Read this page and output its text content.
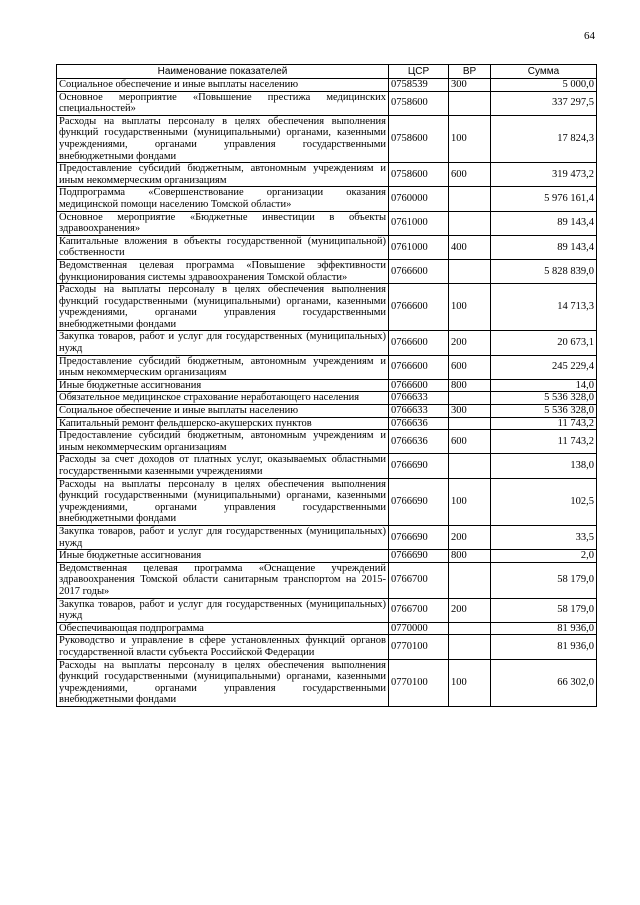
64
Наименование показателей	ЦСР	ВР	Сумма
Социальное обеспечение и иные выплаты населению	0758539	300	5 000,0
Основное мероприятие «Повышение престижа медицинских специальностей»	0758600		337 297,5
Расходы на выплаты персоналу в целях обеспечения выполнения функций государственными (муниципальными) органами, казенными учреждениями, органами управления государственными внебюджетными фондами	0758600	100	17 824,3
Предоставление субсидий бюджетным, автономным учреждениям и иным некоммерческим организациям	0758600	600	319 473,2
Подпрограмма «Совершенствование организации оказания медицинской помощи населению Томской области»	0760000		5 976 161,4
Основное мероприятие «Бюджетные инвестиции в объекты здравоохранения»	0761000		89 143,4
Капитальные вложения в объекты государственной (муниципальной) собственности	0761000	400	89 143,4
Ведомственная целевая программа «Повышение эффективности функционирования системы здравоохранения Томской области»	0766600		5 828 839,0
Расходы на выплаты персоналу в целях обеспечения выполнения функций государственными (муниципальными) органами, казенными учреждениями, органами управления государственными внебюджетными фондами	0766600	100	14 713,3
Закупка товаров, работ и услуг для государственных (муниципальных) нужд	0766600	200	20 673,1
Предоставление субсидий бюджетным, автономным учреждениям и иным некоммерческим организациям	0766600	600	245 229,4
Иные бюджетные ассигнования	0766600	800	14,0
Обязательное медицинское страхование неработающего населения	0766633		5 536 328,0
Социальное обеспечение и иные выплаты населению	0766633	300	5 536 328,0
Капитальный ремонт фельдшерско-акушерских пунктов	0766636		11 743,2
Предоставление субсидий бюджетным, автономным учреждениям и иным некоммерческим организациям	0766636	600	11 743,2
Расходы за счет доходов от платных услуг, оказываемых областными государственными казенными учреждениями	0766690		138,0
Расходы на выплаты персоналу в целях обеспечения выполнения функций государственными (муниципальными) органами, казенными учреждениями, органами управления государственными внебюджетными фондами	0766690	100	102,5
Закупка товаров, работ и услуг для государственных (муниципальных) нужд	0766690	200	33,5
Иные бюджетные ассигнования	0766690	800	2,0
Ведомственная целевая программа «Оснащение учреждений здравоохранения Томской области санитарным транспортом на 2015-2017 годы»	0766700		58 179,0
Закупка товаров, работ и услуг для государственных (муниципальных) нужд	0766700	200	58 179,0
Обеспечивающая подпрограмма	0770000		81 936,0
Руководство и управление в сфере установленных функций органов государственной власти субъекта Российской Федерации	0770100		81 936,0
Расходы на выплаты персоналу в целях обеспечения выполнения функций государственными (муниципальными) органами, казенными учреждениями, органами управления государственными внебюджетными фондами	0770100	100	66 302,0
